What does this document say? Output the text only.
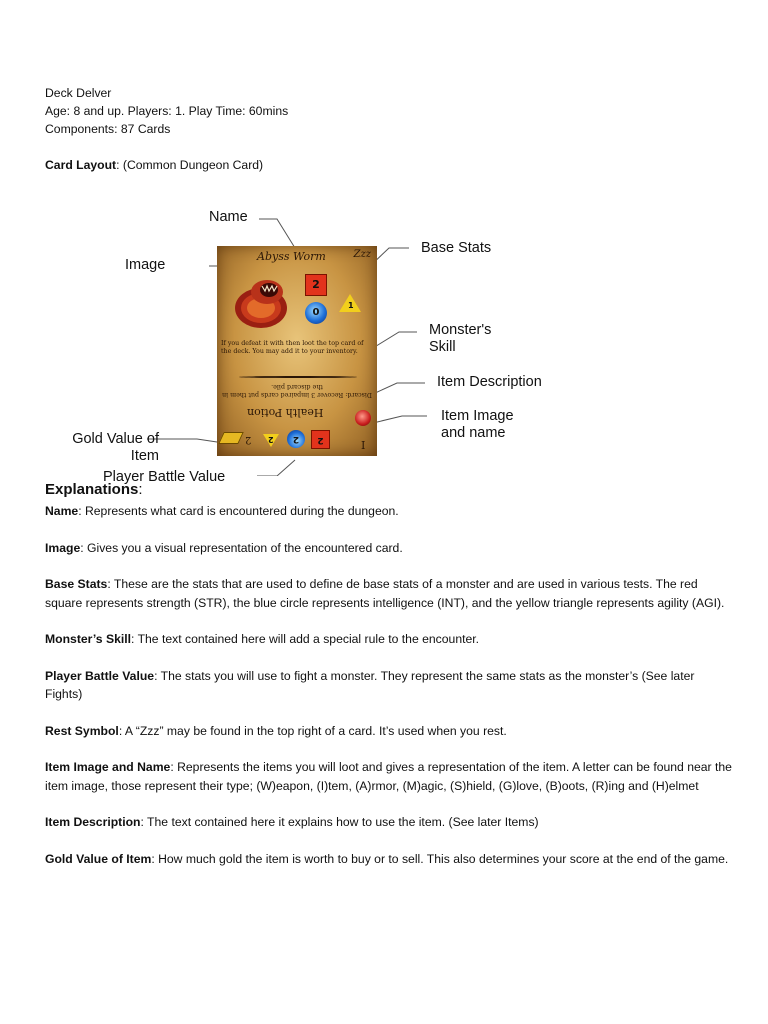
Deck Delver

Age: 8 and up. Players: 1. Play Time: 60mins

Components: 87 Cards

Card Layout: (Common Dungeon Card)

Name
Base Stats
Image
Monster's Skill
Item Description
Item Image and name
Gold Value of Item
Player Battle Value
Abyss Worm	Zzz
2
0
1
If you defeat it with then loot the top card of the deck. You may add it to your inventory.
Discard: Recover 3 impaired cards put them in the discard pile.
Health Potion
I
2 2	2	2
Explanations:

Name: Represents what card is encountered during the dungeon.

Image: Gives you a visual representation of the encountered card.

Base Stats: These are the stats that are used to define de base stats of a monster and are used in various tests. The red square represents strength (STR), the blue circle represents intelligence (INT), and the yellow triangle represents agility (AGI).

Monster’s Skill: The text contained here will add a special rule to the encounter.

Player Battle Value: The stats you will use to fight a monster. They represent the same stats as the monster’s (See later Fights)

Rest Symbol: A “Zzz” may be found in the top right of a card. It’s used when you rest.

Item Image and Name: Represents the items you will loot and gives a representation of the item. A letter can be found near the item image, those represent their type; (W)eapon, (I)tem, (A)rmor, (M)agic, (S)hield, (G)love, (B)oots, (R)ing and (H)elmet

Item Description: The text contained here it explains how to use the item. (See later Items)

Gold Value of Item: How much gold the item is worth to buy or to sell. This also determines your score at the end of the game.
